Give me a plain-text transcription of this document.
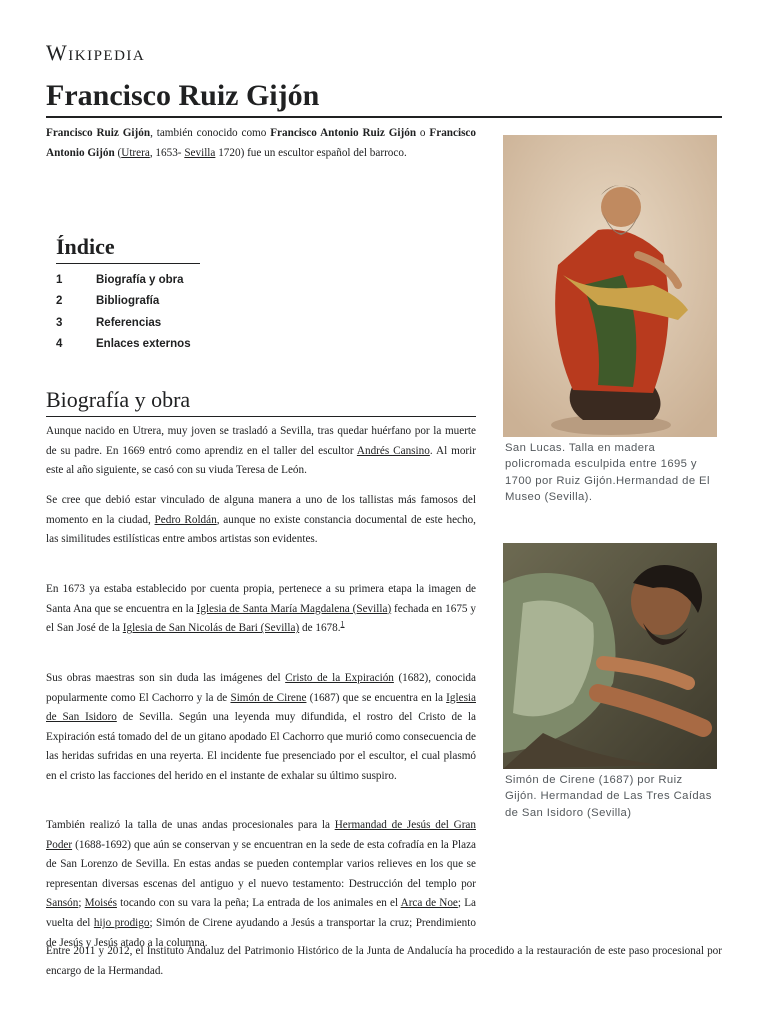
Wikipedia
Francisco Ruiz Gijón

Francisco Ruiz Gijón, también conocido como Francisco Antonio Ruiz Gijón o Francisco Antonio Gijón (Utrera, 1653- Sevilla 1720) fue un escultor español del barroco.

Índice
1	Biografía y obra
2	Bibliografía
3	Referencias
4	Enlaces externos
Biografía y obra

Aunque nacido en Utrera, muy joven se trasladó a Sevilla, tras quedar huérfano por la muerte de su padre. En 1669 entró como aprendiz en el taller del escultor Andrés Cansino. Al morir este al año siguiente, se casó con su viuda Teresa de León.

Se cree que debió estar vinculado de alguna manera a uno de los tallistas más famosos del momento en la ciudad, Pedro Roldán, aunque no existe constancia documental de este hecho, las similitudes estilísticas entre ambos artistas son evidentes.

En 1673 ya estaba establecido por cuenta propia, pertenece a su primera etapa la imagen de Santa Ana que se encuentra en la Iglesia de Santa María Magdalena (Sevilla) fechada en 1675 y el San José de la Iglesia de San Nicolás de Bari (Sevilla) de 1678.$^1$

Sus obras maestras son sin duda las imágenes del Cristo de la Expiración (1682), conocida popularmente como El Cachorro y la de Simón de Cirene (1687) que se encuentra en la Iglesia de San Isidoro de Sevilla. Según una leyenda muy difundida, el rostro del Cristo de la Expiración está tomado del de un gitano apodado El Cachorro que murió como consecuencia de las heridas sufridas en una reyerta. El incidente fue presenciado por el escultor, el cual plasmó en el cristo las facciones del herido en el instante de exhalar su último suspiro.

También realizó la talla de unas andas procesionales para la Hermandad de Jesús del Gran Poder (1688-1692) que aún se conservan y se encuentran en la sede de esta cofradía en la Plaza de San Lorenzo de Sevilla. En estas andas se pueden contemplar varios relieves en los que se representan diversas escenas del antiguo y el nuevo testamento: Destrucción del templo por Sansón; Moisés tocando con su vara la peña; La entrada de los animales en el Arca de Noe; La vuelta del hijo prodigo; Simón de Cirene ayudando a Jesús a transportar la cruz; Prendimiento de Jesús y Jesús atado a la columna.

Entre 2011 y 2012, el Instituto Andaluz del Patrimonio Histórico de la Junta de Andalucía ha procedido a la restauración de este paso procesional por encargo de la Hermandad.

San Lucas. Talla en madera policromada esculpida entre 1695 y 1700 por Ruiz Gijón.Hermandad de El Museo (Sevilla).
Simón de Cirene (1687) por Ruiz Gijón. Hermandad de Las Tres Caídas de San Isidoro (Sevilla)
